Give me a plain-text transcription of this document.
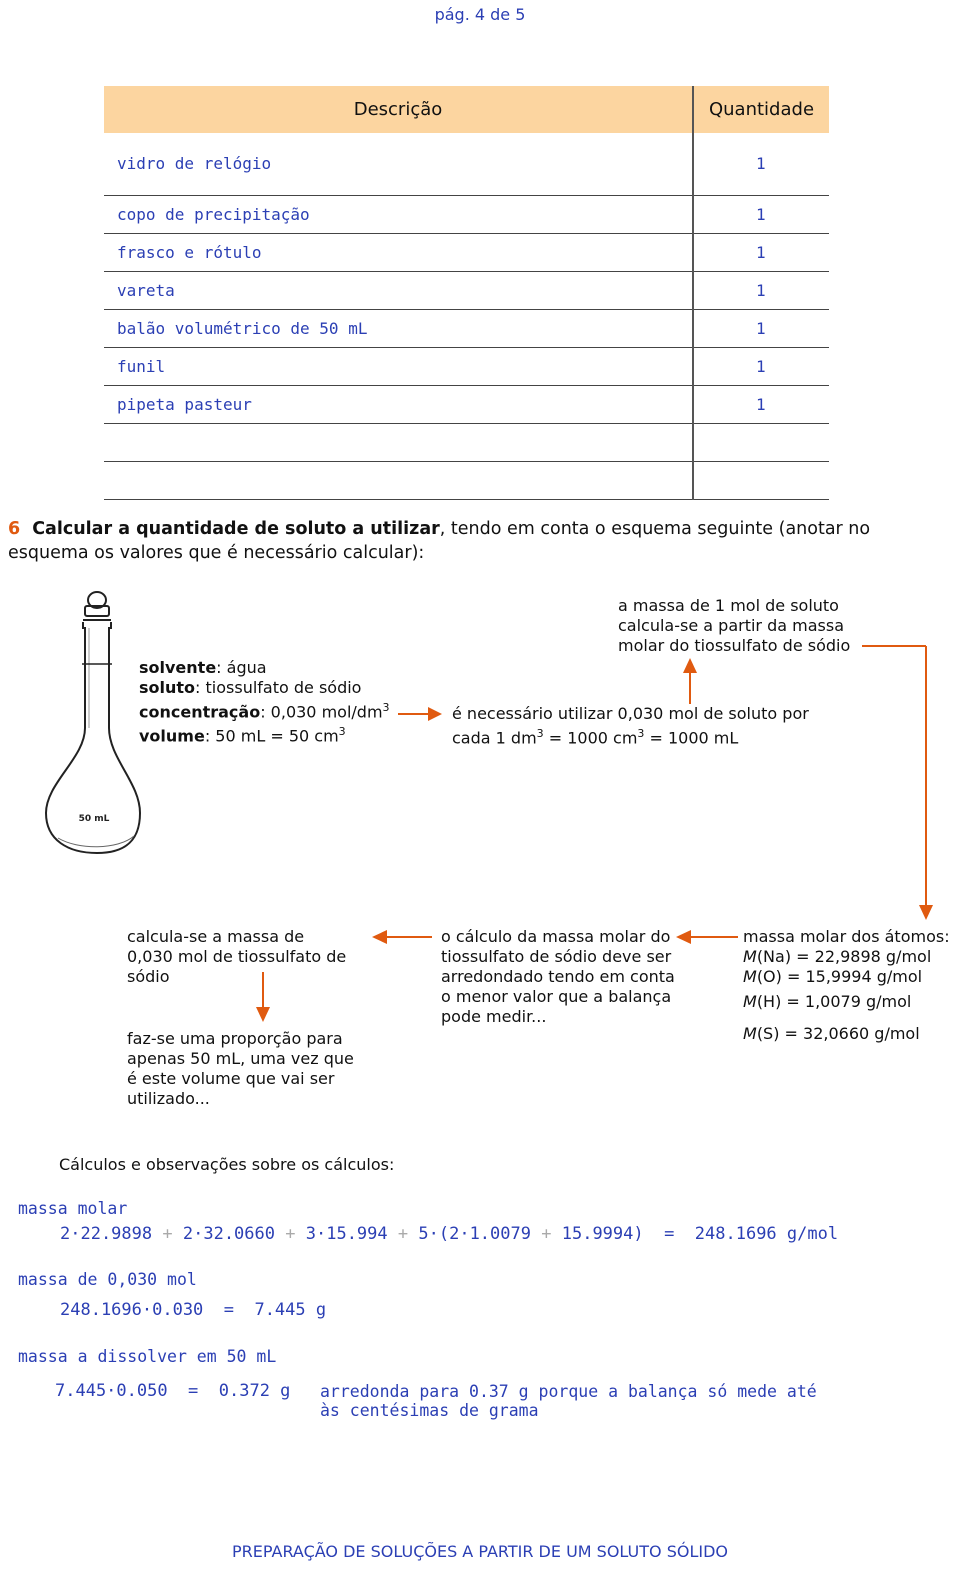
pág. 4 de 5
Descrição	Quantidade
vidro de relógio	1
copo de precipitação	1
frasco e rótulo	1
vareta	1
balão volumétrico de 50 mL	1
funil	1
pipeta pasteur	1

6 Calcular a quantidade de soluto a utilizar, tendo em conta o esquema seguinte (anotar no esquema os valores que é necessário calcular):
50 mL
solvente: água
soluto: tiossulfato de sódio
concentração: 0,030 mol/$dm^3$
volume: 50 mL = 50 $cm^3$
a massa de 1 mol de soluto
calcula-se a partir da massa
molar do tiossulfato de sódio
é necessário utilizar 0,030 mol de soluto por
cada 1 $dm^3 = 1000$ $cm^3 = 1000$ mL
calcula-se a massa de
0,030 mol de tiossulfato de
sódio
faz-se uma proporção para
apenas 50 mL, uma vez que
é este volume que vai ser
utilizado...
o cálculo da massa molar do
tiossulfato de sódio deve ser
arredondado tendo em conta
o menor valor que a balança
pode medir...
massa molar dos átomos:
M(Na) = 22,9898 g/mol
M(O) = 15,9994 g/mol
M(H) = 1,0079 g/mol
M(S) = 32,0660 g/mol
Cálculos e observações sobre os cálculos:
massa molar
2·22.9898 + 2·32.0660 + 3·15.994 + 5·(2·1.0079 + 15.9994)  =  248.1696 g/mol
massa de 0,030 mol
248.1696·0.030  =  7.445 g
massa a dissolver em 50 mL
7.445·0.050  =  0.372 g arredonda para 0.37 g porque a balança só mede até
às centésimas de grama
PREPARAÇÃO DE SOLUÇÕES A PARTIR DE UM SOLUTO SÓLIDO
